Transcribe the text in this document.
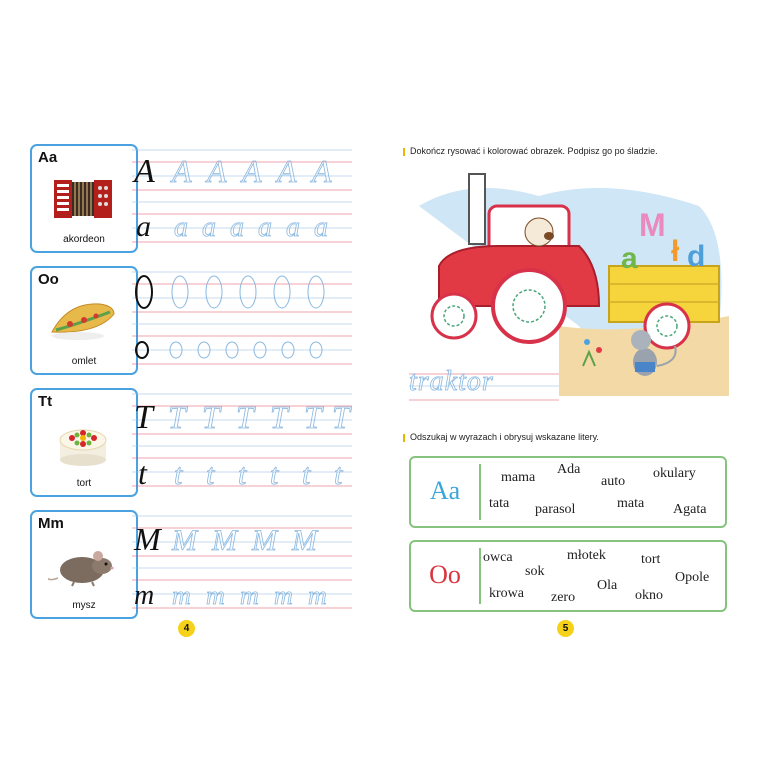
Aa
akordeon
Oo
omlet
Tt
tort
Mm
mysz
A A A A A A
a a a a a a a
T T T T T T T
t t t t t t t
M M M M M
m m m m m m
4
Dokończ rysować i kolorować obrazek. Podpisz go po śladzie.
a
M
ł d
traktor
Odszukaj w wyrazach i obrysuj wskazane litery.
Aa	mama
Ada
auto
okulary
tata parasol	mata Agata
Oo
owca
sok
młotek	tort
krowa zero
Ola
okno
Opole
5
